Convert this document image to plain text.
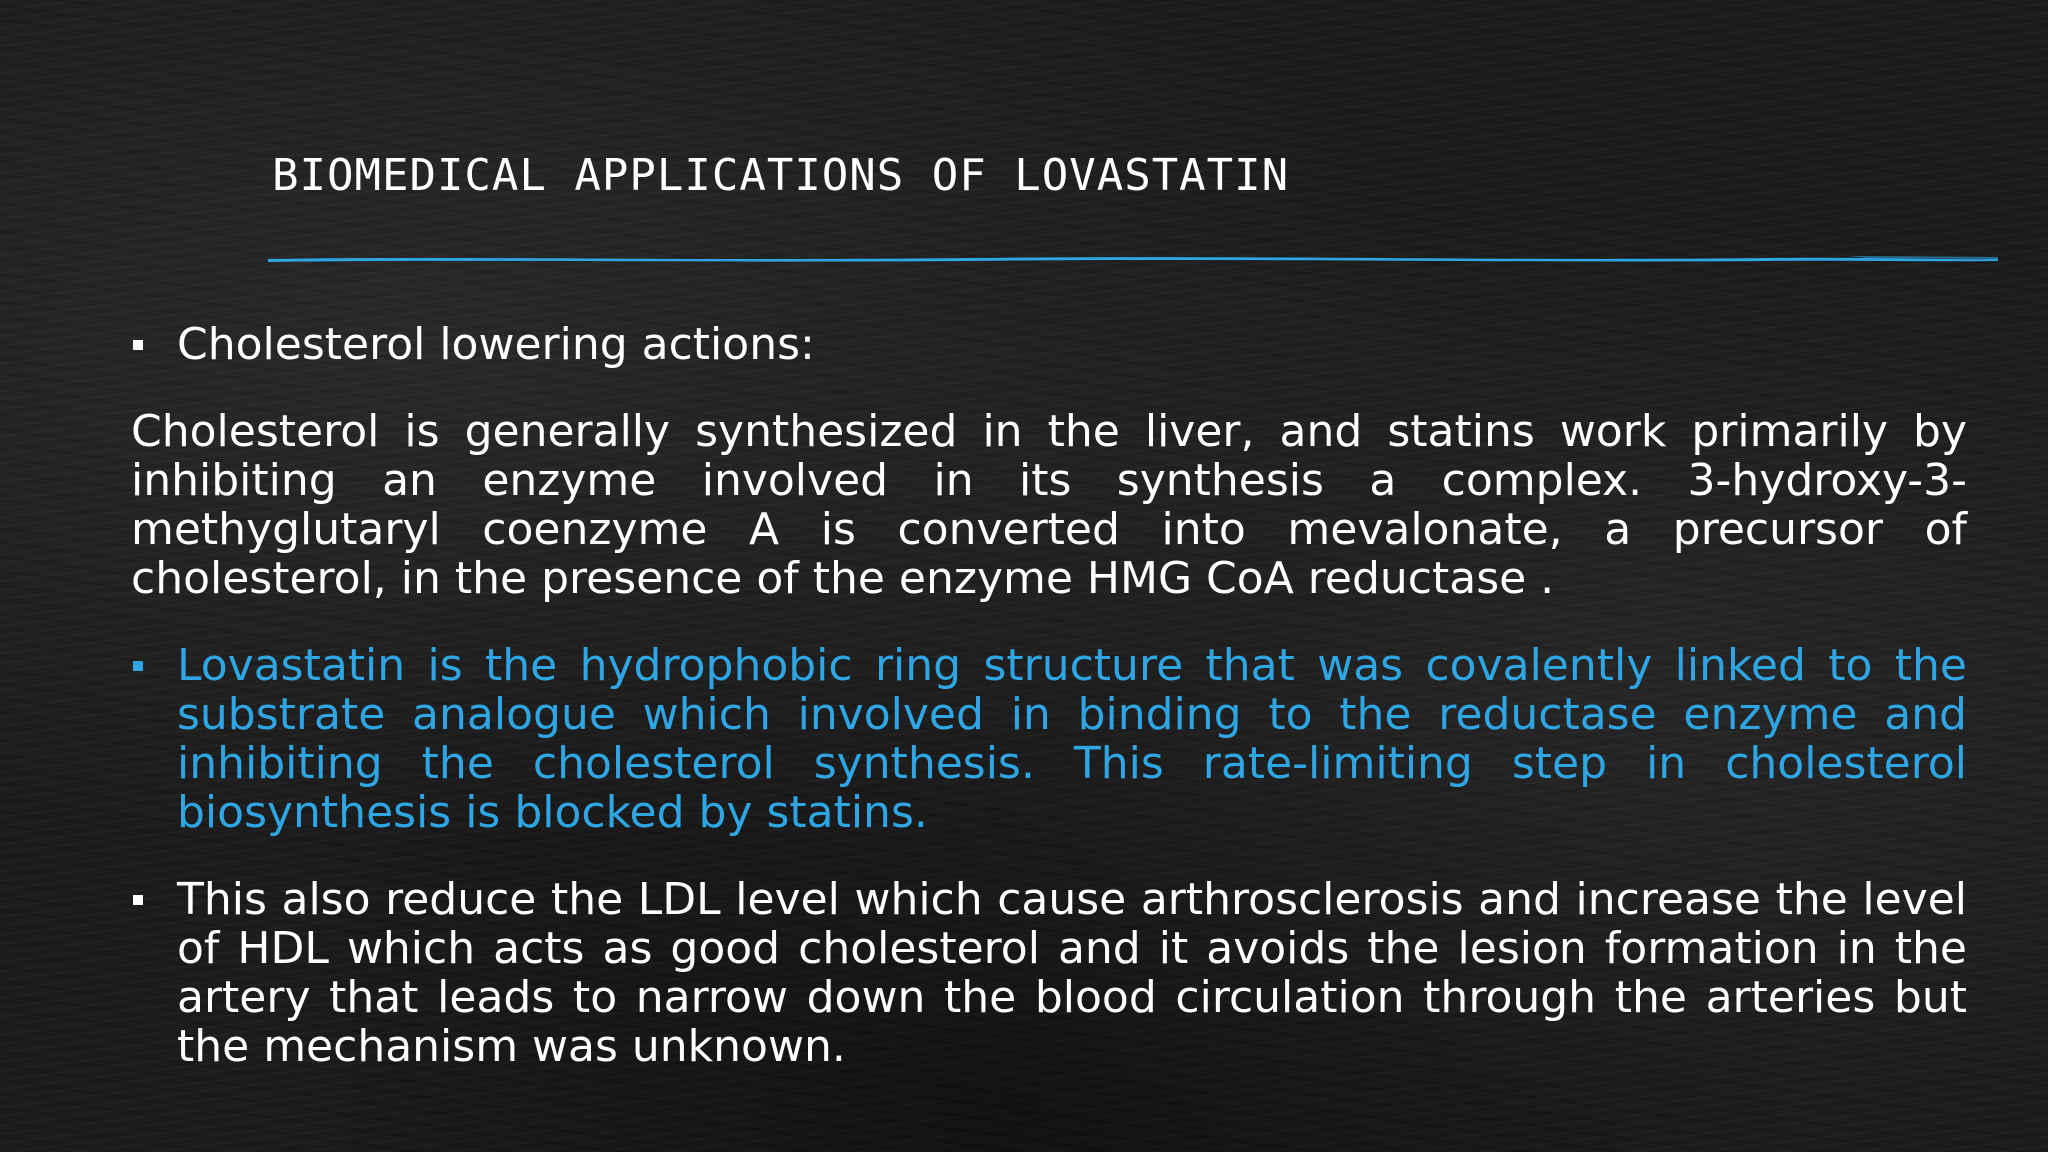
BIOMEDICAL APPLICATIONS OF LOVASTATIN

Cholesterol lowering actions:

Cholesterol is generally synthesized in the liver, and statins work primarily by inhibiting an enzyme involved in its synthesis a complex. 3-hydroxy-3-methyglutaryl coenzyme A is converted into mevalonate, a precursor of cholesterol, in the presence of the enzyme HMG CoA reductase .

Lovastatin is the hydrophobic ring structure that was covalently linked to the substrate analogue which involved in binding to the reductase enzyme and inhibiting the cholesterol synthesis. This rate-limiting step in cholesterol biosynthesis is blocked by statins.

This also reduce the LDL level which cause arthrosclerosis and increase the level of HDL which acts as good cholesterol and it avoids the lesion formation in the artery that leads to narrow down the blood circulation through the arteries but the mechanism was unknown.
